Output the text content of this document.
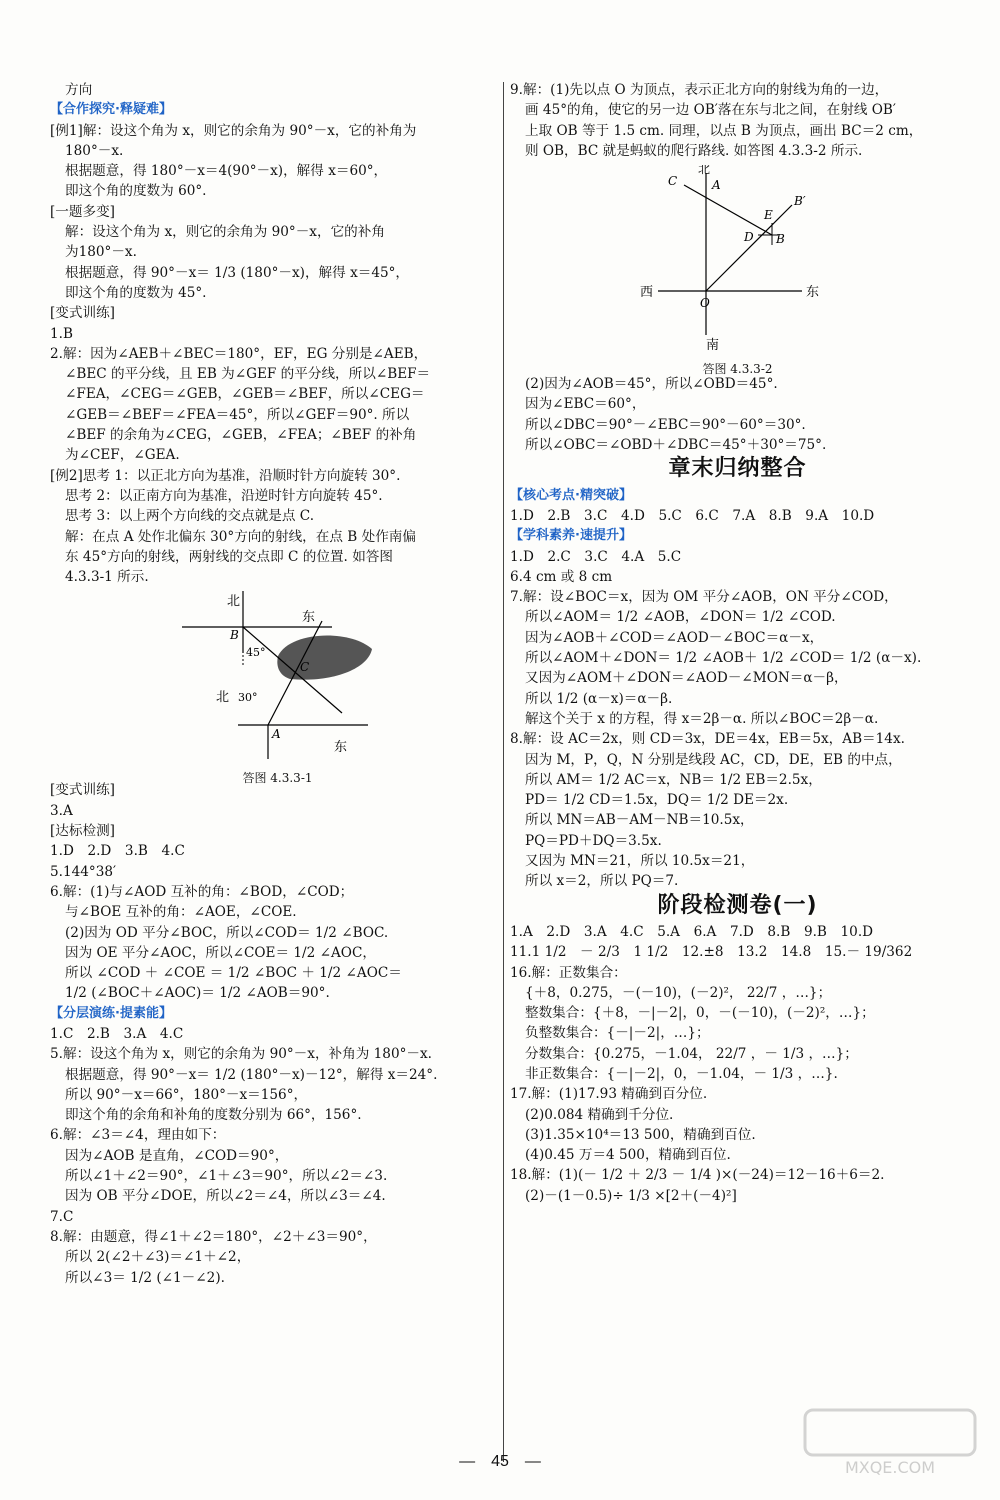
方向
【合作探究·释疑难】
[例1]解：设这个角为 x，则它的余角为 90°－x，它的补角为
180°－x.
根据题意，得 180°－x＝4(90°－x)，解得 x＝60°，
即这个角的度数为 60°.
[一题多变]
解：设这个角为 x，则它的余角为 90°－x，它的补角
为180°－x.
根据题意，得 90°－x＝ 1/3 (180°－x)，解得 x＝45°，
即这个角的度数为 45°.
[变式训练]
1.B
2.解：因为∠AEB＋∠BEC＝180°，EF，EG 分别是∠AEB，
∠BEC 的平分线，且 EB 为∠GEF 的平分线，所以∠BEF＝
∠FEA，∠CEG＝∠GEB，∠GEB＝∠BEF，所以∠CEG＝
∠GEB＝∠BEF＝∠FEA＝45°，所以∠GEF＝90°. 所以
∠BEF 的余角为∠CEG，∠GEB，∠FEA；∠BEF 的补角
为∠CEF，∠GEA.
[例2]思考 1：以正北方向为基准，沿顺时针方向旋转 30°.
思考 2：以正南方向为基准，沿逆时针方向旋转 45°.
思考 3：以上两个方向线的交点就是点 C.
解：在点 A 处作北偏东 30°方向的射线，在点 B 处作南偏
东 45°方向的射线，两射线的交点即 C 的位置. 如答图
4.3.3-1 所示.
北
东
B
45°
C
北 30°
A
东
答图 4.3.3-1
[变式训练]
3.A
[达标检测]
1.D　2.D　3.B　4.C
5.144°38′
6.解：(1)与∠AOD 互补的角：∠BOD，∠COD；
与∠BOE 互补的角：∠AOE，∠COE.
(2)因为 OD 平分∠BOC，所以∠COD＝ 1/2 ∠BOC.
因为 OE 平分∠AOC，所以∠COE＝ 1/2 ∠AOC，
所以 ∠COD ＋ ∠COE ＝ 1/2 ∠BOC ＋ 1/2 ∠AOC＝
1/2 (∠BOC＋∠AOC)＝ 1/2 ∠AOB＝90°.
【分层演练·提素能】
1.C　2.B　3.A　4.C
5.解：设这个角为 x，则它的余角为 90°－x，补角为 180°－x.
根据题意，得 90°－x＝ 1/2 (180°－x)－12°，解得 x＝24°.
所以 90°－x＝66°，180°－x＝156°，
即这个角的余角和补角的度数分别为 66°，156°.
6.解：∠3＝∠4，理由如下：
因为∠AOB 是直角，∠COD＝90°，
所以∠1＋∠2＝90°，∠1＋∠3＝90°，所以∠2＝∠3.
因为 OB 平分∠DOE，所以∠2＝∠4，所以∠3＝∠4.
7.C
8.解：由题意，得∠1＋∠2＝180°，∠2＋∠3＝90°，
所以 2(∠2＋∠3)＝∠1＋∠2，
所以∠3＝ 1/2 (∠1－∠2).
9.解：(1)先以点 O 为顶点，表示正北方向的射线为角的一边，
画 45°的角，使它的另一边 OB′落在东与北之间，在射线 OB′
上取 OB 等于 1.5 cm. 同理，以点 B 为顶点，画出 BC＝2 cm，
则 OB，BC 就是蚂蚁的爬行路线. 如答图 4.3.3-2 所示.
北
C	A
E
B′
D B
西
O
东
南
答图 4.3.3-2
(2)因为∠AOB＝45°，所以∠OBD＝45°.
因为∠EBC＝60°，
所以∠DBC＝90°－∠EBC＝90°－60°＝30°.
所以∠OBC＝∠OBD＋∠DBC＝45°＋30°＝75°.
章末归纳整合
【核心考点·精突破】
1.D　2.B　3.C　4.D　5.C　6.C　7.A　8.B　9.A　10.D
【学科素养·速提升】
1.D　2.C　3.C　4.A　5.C
6.4 cm 或 8 cm
7.解：设∠BOC＝x，因为 OM 平分∠AOB，ON 平分∠COD，
所以∠AOM＝ 1/2 ∠AOB，∠DON＝ 1/2 ∠COD.
因为∠AOB＋∠COD＝∠AOD－∠BOC＝α－x，
所以∠AOM＋∠DON＝ 1/2 ∠AOB＋ 1/2 ∠COD＝ 1/2 (α－x).
又因为∠AOM＋∠DON＝∠AOD－∠MON＝α－β，
所以 1/2 (α－x)＝α－β.
解这个关于 x 的方程，得 x＝2β－α. 所以∠BOC＝2β－α.
8.解：设 AC＝2x，则 CD＝3x，DE＝4x，EB＝5x，AB＝14x.
因为 M，P，Q，N 分别是线段 AC，CD，DE，EB 的中点，
所以 AM＝ 1/2 AC＝x，NB＝ 1/2 EB＝2.5x，
PD＝ 1/2 CD＝1.5x，DQ＝ 1/2 DE＝2x.
所以 MN＝AB－AM－NB＝10.5x，
PQ＝PD＋DQ＝3.5x.
又因为 MN＝21，所以 10.5x＝21，
所以 x＝2，所以 PQ＝7.
阶段检测卷(一)
1.A　2.D　3.A　4.C　5.A　6.A　7.D　8.B　9.B　10.D
11.1 1/2　－ 2/3　1 1/2　12.±8　13.2　14.8　15.－ 19/362
16.解：正数集合：
{＋8，0.275，－(－10)，(－2)²， 22/7 ，…}；
整数集合：{＋8，－|－2|，0，－(－10)，(－2)²，…}；
负整数集合：{－|－2|，…}；
分数集合：{0.275，－1.04， 22/7 ，－ 1/3 ，…}；
非正数集合：{－|－2|，0，－1.04，－ 1/3 ，…}.
17.解：(1)17.93 精确到百分位.
(2)0.084 精确到千分位.
(3)1.35×10⁴＝13 500，精确到百位.
(4)0.45 万＝4 500，精确到百位.
18.解：(1)(－ 1/2 ＋ 2/3 － 1/4 )×(－24)＝12－16＋6＝2.
(2)－(1－0.5)÷ 1/3 ×[2＋(－4)²]
—　45　—	MXQE.COM
